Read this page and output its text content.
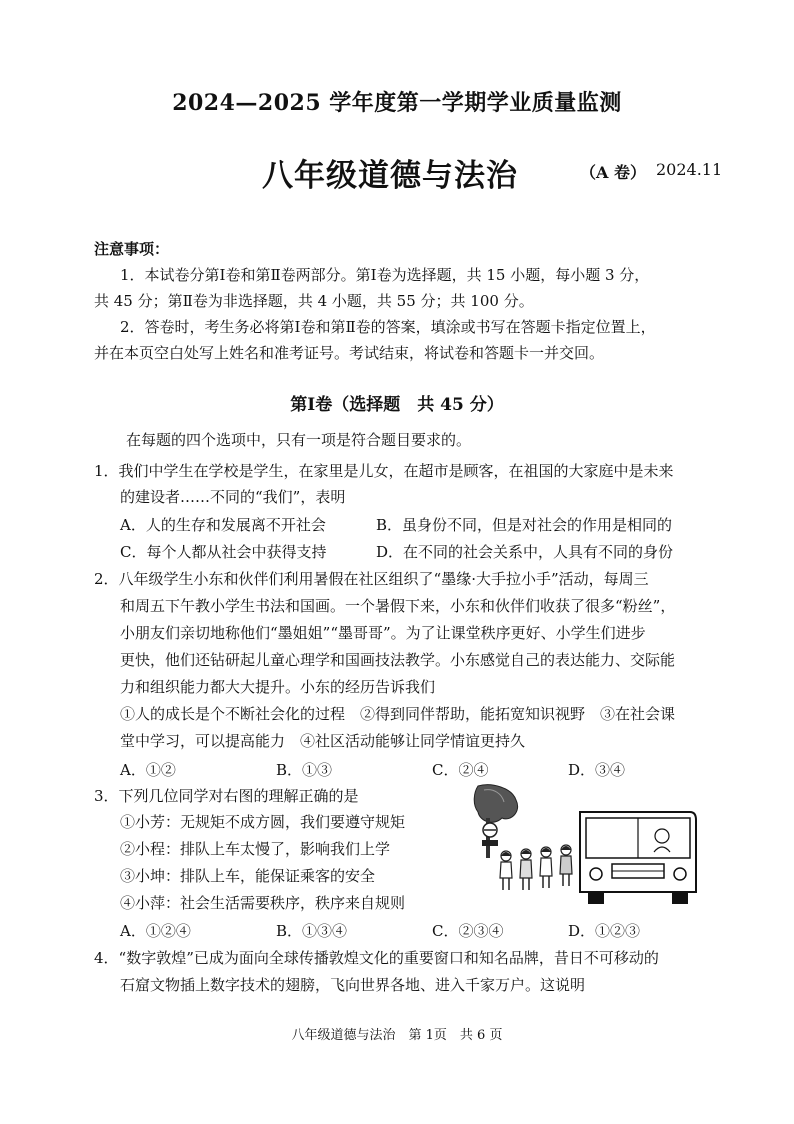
2024—2025 学年度第一学期学业质量监测
八年级道德与法治	（A 卷） 2024.11
注意事项：
1．本试卷分第Ⅰ卷和第Ⅱ卷两部分。第Ⅰ卷为选择题，共 15 小题，每小题 3 分，
共 45 分；第Ⅱ卷为非选择题，共 4 小题，共 55 分；共 100 分。
2．答卷时，考生务必将第Ⅰ卷和第Ⅱ卷的答案，填涂或书写在答题卡指定位置上，
并在本页空白处写上姓名和准考证号。考试结束，将试卷和答题卡一并交回。
第Ⅰ卷（选择题　共 45 分）
在每题的四个选项中，只有一项是符合题目要求的。
1．我们中学生在学校是学生，在家里是儿女，在超市是顾客，在祖国的大家庭中是未来
的建设者……不同的“我们”，表明
A．人的生存和发展离不开社会	B．虽身份不同，但是对社会的作用是相同的
C．每个人都从社会中获得支持	D．在不同的社会关系中，人具有不同的身份
2．八年级学生小东和伙伴们利用暑假在社区组织了“墨缘·大手拉小手”活动，每周三
和周五下午教小学生书法和国画。一个暑假下来，小东和伙伴们收获了很多“粉丝”，
小朋友们亲切地称他们“墨姐姐”“墨哥哥”。为了让课堂秩序更好、小学生们进步
更快，他们还钻研起儿童心理学和国画技法教学。小东感觉自己的表达能力、交际能
力和组织能力都大大提升。小东的经历告诉我们
①人的成长是个不断社会化的过程　②得到同伴帮助，能拓宽知识视野　③在社会课
堂中学习，可以提高能力　④社区活动能够让同学情谊更持久
A．①②	B．①③	C．②④	D．③④
3．下列几位同学对右图的理解正确的是
①小芳：无规矩不成方圆，我们要遵守规矩
②小程：排队上车太慢了，影响我们上学
③小坤：排队上车，能保证乘客的安全
④小萍：社会生活需要秩序，秩序来自规则
A．①②④	B．①③④	C．②③④	D．①②③
4．“数字敦煌”已成为面向全球传播敦煌文化的重要窗口和知名品牌，昔日不可移动的
石窟文物插上数字技术的翅膀，飞向世界各地、进入千家万户。这说明
八年级道德与法治　第 1页　共 6 页
